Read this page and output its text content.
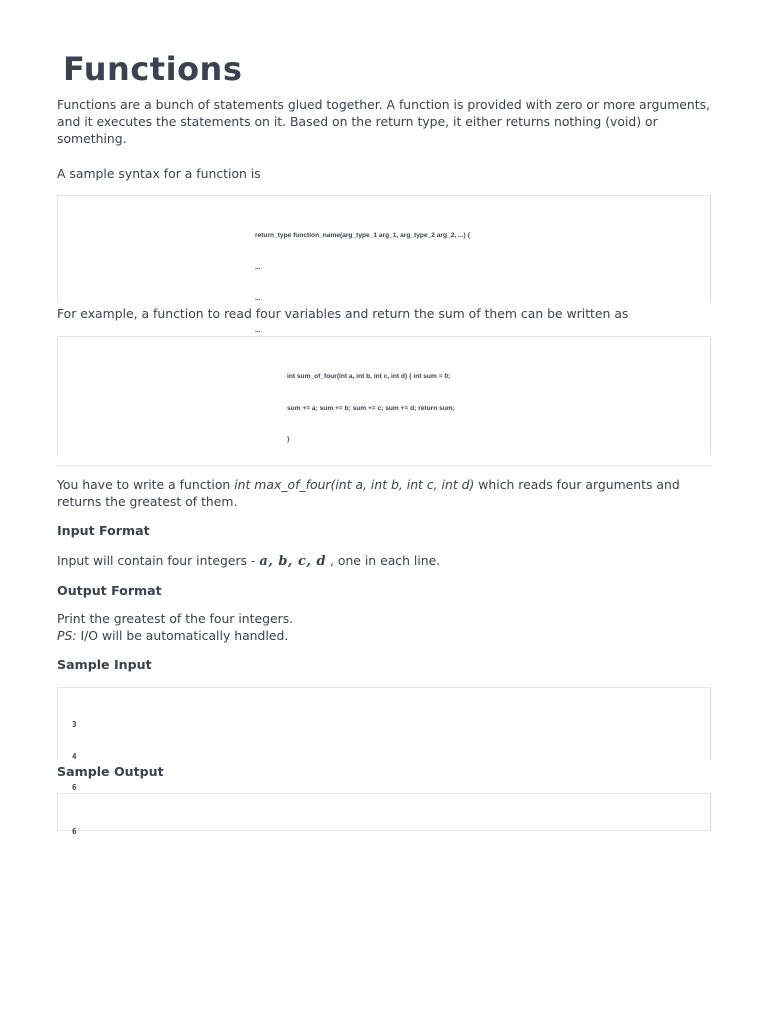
Functions

Functions are a bunch of statements glued together. A function is provided with zero or more arguments, and it executes the statements on it. Based on the return type, it either returns nothing (void) or something.

A sample syntax for a function is

return_type function_name(arg_type_1 arg_1, arg_type_2 arg_2, ...) {

...

...

...

For example, a function to read four variables and return the sum of them can be written as

int sum_of_four(int a, int b, int c, int d) { int sum = 0;

sum += a; sum += b; sum += c; sum += d; return sum;

}

You have to write a function int max_of_four(int a, int b, int c, int d) which reads four arguments and returns the greatest of them.

Input Format

Input will contain four integers - a, b, c, d , one in each line.

Output Format

Print the greatest of the four integers.
PS: I/O will be automatically handled.

Sample Input

3

4

6

Sample Output

6
